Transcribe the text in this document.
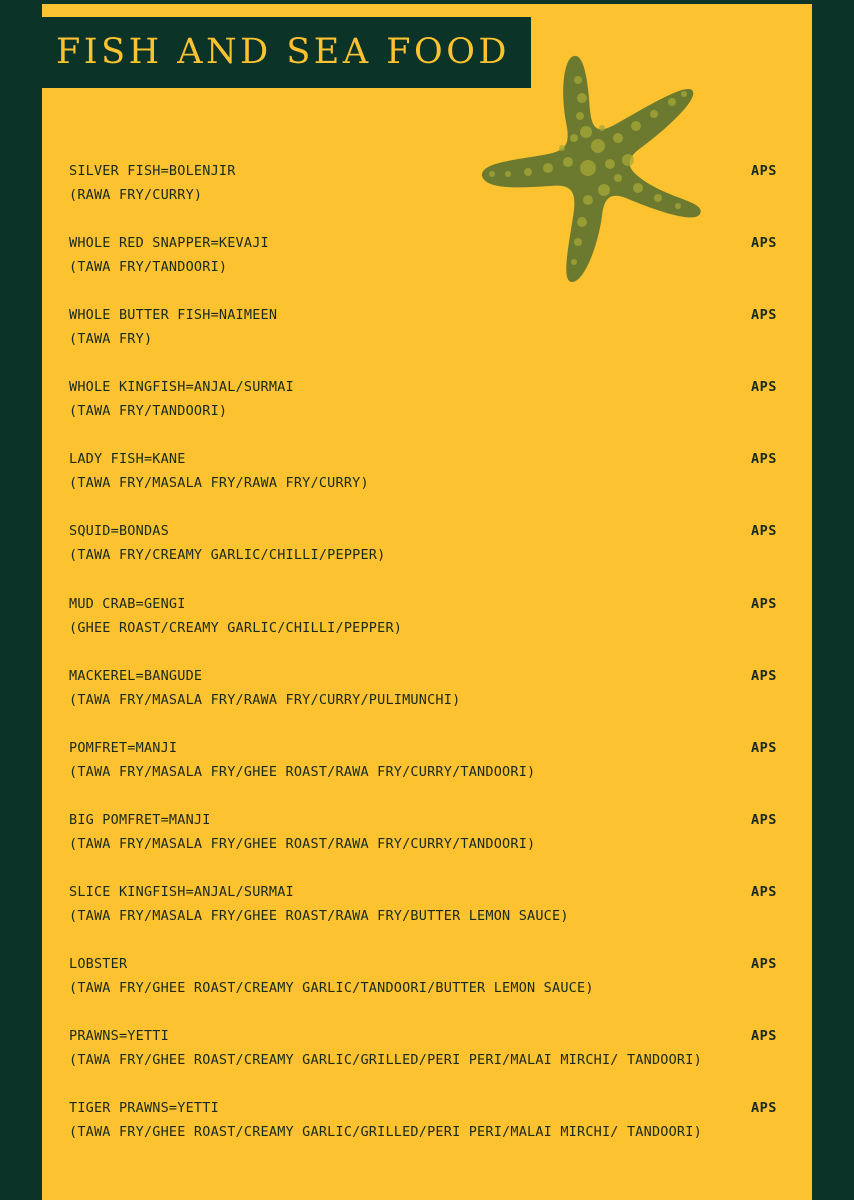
FISH AND SEA FOOD
SILVER FISH=BOLENJIR
(RAWA FRY/CURRY)
APS
WHOLE RED SNAPPER=KEVAJI
(TAWA FRY/TANDOORI)
APS
WHOLE BUTTER FISH=NAIMEEN
(TAWA FRY)
APS
WHOLE KINGFISH=ANJAL/SURMAI
(TAWA FRY/TANDOORI)
APS
LADY FISH=KANE
(TAWA FRY/MASALA FRY/RAWA FRY/CURRY)
APS
SQUID=BONDAS
(TAWA FRY/CREAMY GARLIC/CHILLI/PEPPER)
APS
MUD CRAB=GENGI
(GHEE ROAST/CREAMY GARLIC/CHILLI/PEPPER)
APS
MACKEREL=BANGUDE
(TAWA FRY/MASALA FRY/RAWA FRY/CURRY/PULIMUNCHI)
APS
POMFRET=MANJI
(TAWA FRY/MASALA FRY/GHEE ROAST/RAWA FRY/CURRY/TANDOORI)
APS
BIG POMFRET=MANJI
(TAWA FRY/MASALA FRY/GHEE ROAST/RAWA FRY/CURRY/TANDOORI)
APS
SLICE KINGFISH=ANJAL/SURMAI
(TAWA FRY/MASALA FRY/GHEE ROAST/RAWA FRY/BUTTER LEMON SAUCE)
APS
LOBSTER
(TAWA FRY/GHEE ROAST/CREAMY GARLIC/TANDOORI/BUTTER LEMON SAUCE)
APS
PRAWNS=YETTI
(TAWA FRY/GHEE ROAST/CREAMY GARLIC/GRILLED/PERI PERI/MALAI MIRCHI/ TANDOORI)
APS
TIGER PRAWNS=YETTI
(TAWA FRY/GHEE ROAST/CREAMY GARLIC/GRILLED/PERI PERI/MALAI MIRCHI/ TANDOORI)
APS
